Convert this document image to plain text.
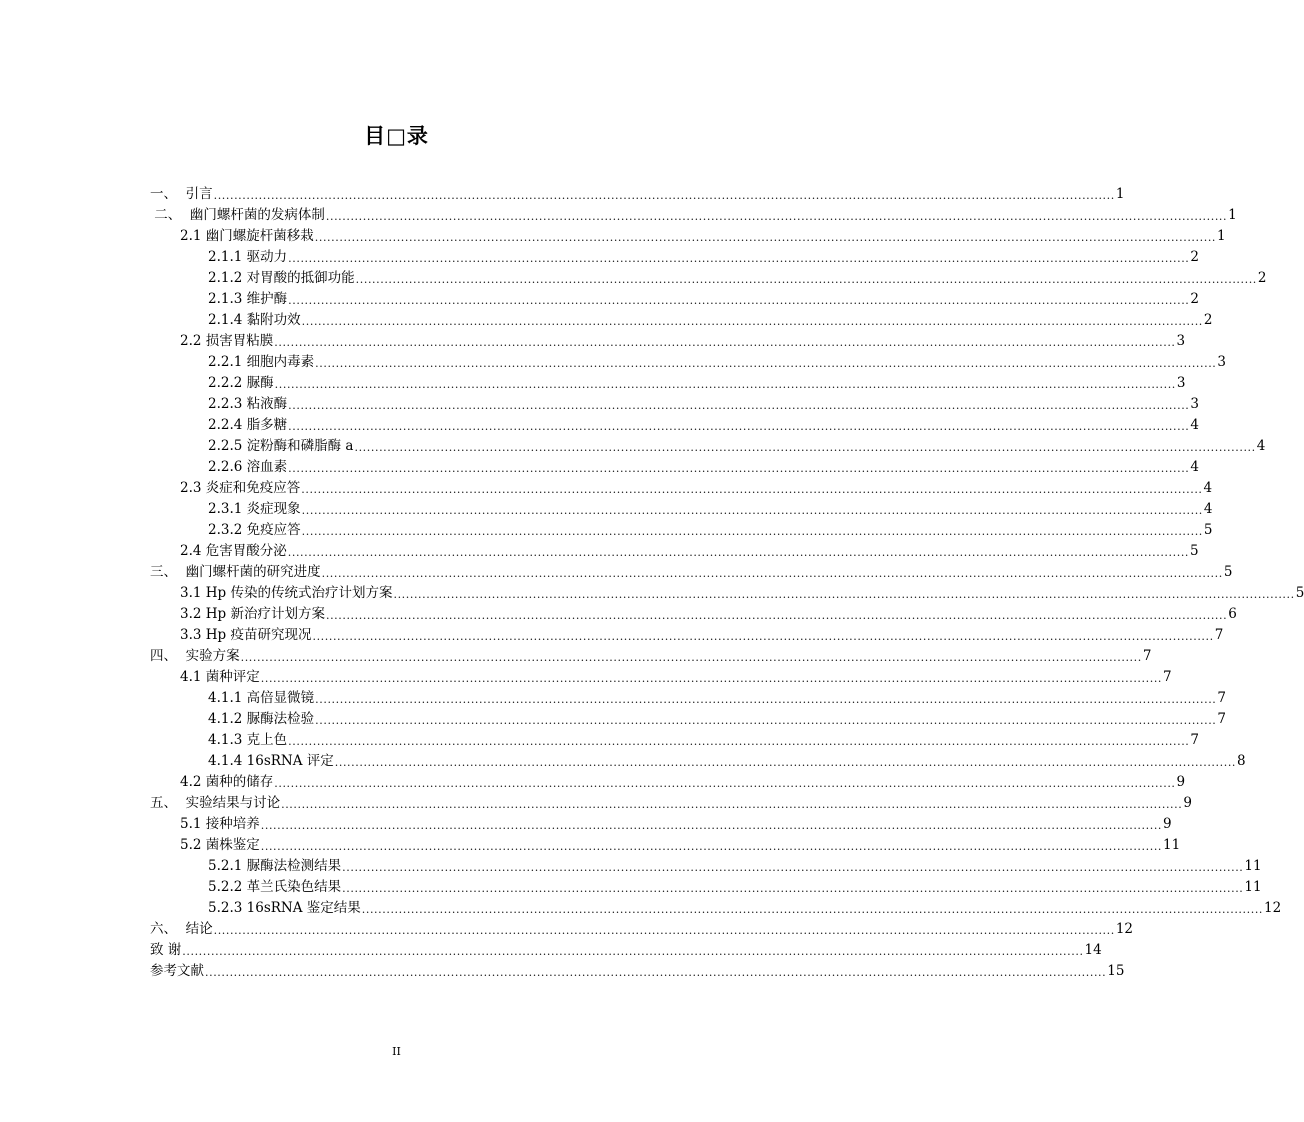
目□录
一、  引言 ............................................................................................................................................................................................................................ 1
二、  幽门螺杆菌的发病体制 ............................................................................................................................................................................................................................ 1
2.1 幽门螺旋杆菌移栽 ............................................................................................................................................................................................................................ 1
2.1.1 驱动力 ............................................................................................................................................................................................................................ 2
2.1.2 对胃酸的抵御功能 ............................................................................................................................................................................................................................ 2
2.1.3 维护酶 ............................................................................................................................................................................................................................ 2
2.1.4 黏附功效 ............................................................................................................................................................................................................................ 2
2.2 损害胃粘膜 ............................................................................................................................................................................................................................ 3
2.2.1 细胞内毒素 ............................................................................................................................................................................................................................ 3
2.2.2 脲酶 ............................................................................................................................................................................................................................ 3
2.2.3 粘液酶 ............................................................................................................................................................................................................................ 3
2.2.4 脂多糖 ............................................................................................................................................................................................................................ 4
2.2.5 淀粉酶和磷脂酶 a ............................................................................................................................................................................................................................ 4
2.2.6 溶血素 ............................................................................................................................................................................................................................ 4
2.3 炎症和免疫应答 ............................................................................................................................................................................................................................ 4
2.3.1 炎症现象 ............................................................................................................................................................................................................................ 4
2.3.2 免疫应答 ............................................................................................................................................................................................................................ 5
2.4 危害胃酸分泌 ............................................................................................................................................................................................................................ 5
三、  幽门螺杆菌的研究进度 ............................................................................................................................................................................................................................ 5
3.1 Hp 传染的传统式治疗计划方案 ............................................................................................................................................................................................................................ 5
3.2 Hp 新治疗计划方案 ............................................................................................................................................................................................................................ 6
3.3 Hp 疫苗研究现况 ............................................................................................................................................................................................................................ 7
四、  实验方案 ............................................................................................................................................................................................................................ 7
4.1 菌种评定 ............................................................................................................................................................................................................................ 7
4.1.1 高倍显微镜 ............................................................................................................................................................................................................................ 7
4.1.2 脲酶法检验 ............................................................................................................................................................................................................................ 7
4.1.3 克上色 ............................................................................................................................................................................................................................ 7
4.1.4 16sRNA 评定 ............................................................................................................................................................................................................................ 8
4.2 菌种的储存 ............................................................................................................................................................................................................................ 9
五、  实验结果与讨论 ............................................................................................................................................................................................................................ 9
5.1 接种培养 ............................................................................................................................................................................................................................ 9
5.2 菌株鉴定 ............................................................................................................................................................................................................................ 11
5.2.1 脲酶法检测结果 ............................................................................................................................................................................................................................ 11
5.2.2 革兰氏染色结果 ............................................................................................................................................................................................................................ 11
5.2.3 16sRNA 鉴定结果 ............................................................................................................................................................................................................................ 12
六、  结论 ............................................................................................................................................................................................................................ 12
致 谢 ............................................................................................................................................................................................................................ 14
参考文献 ............................................................................................................................................................................................................................ 15
II
